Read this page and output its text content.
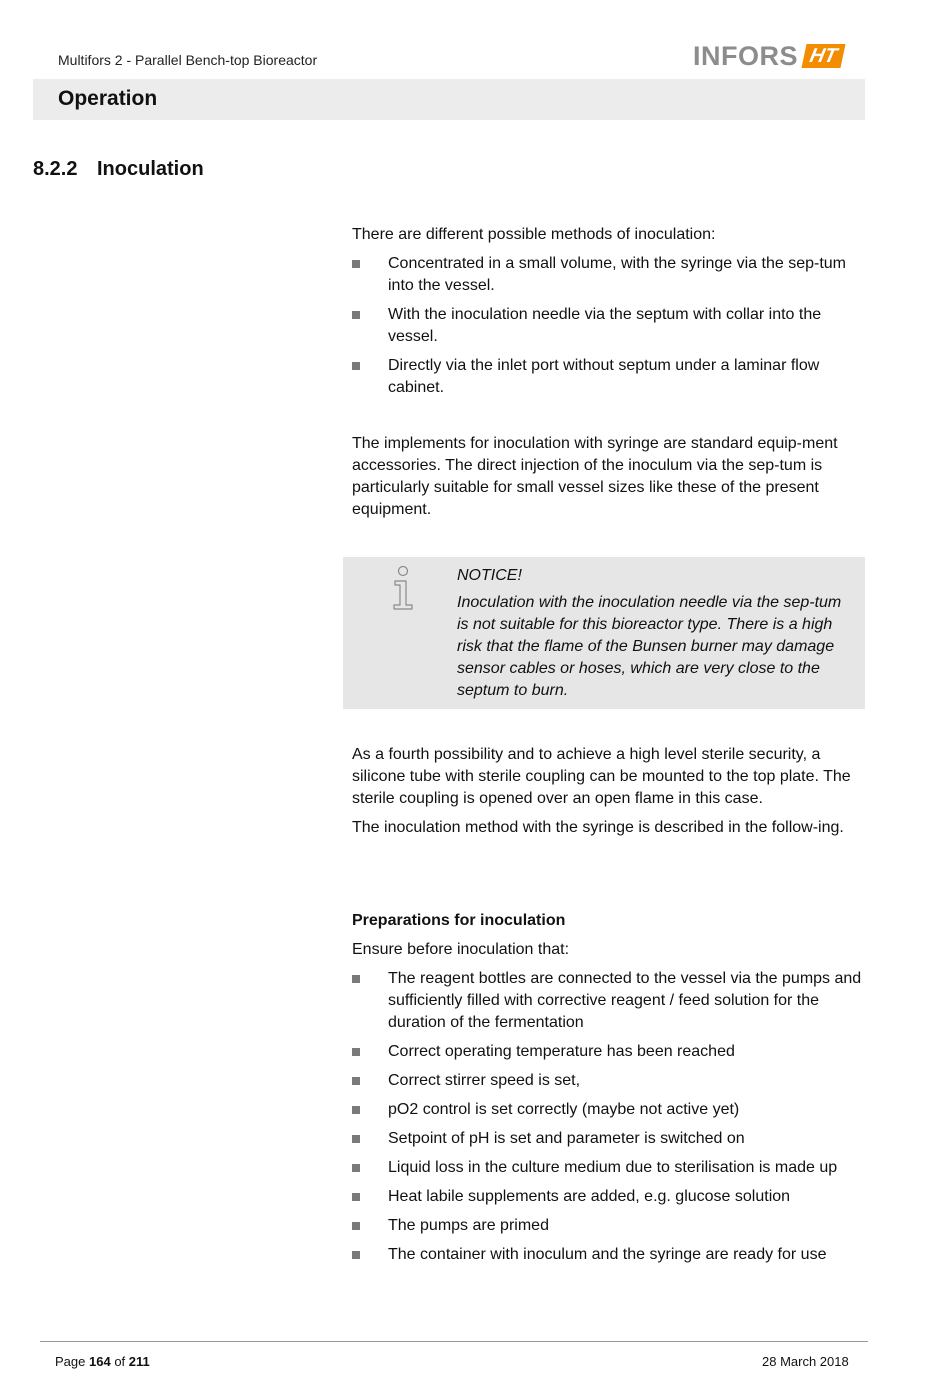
Multifors 2 - Parallel Bench-top Bioreactor	INFORS HT
Operation
8.2.2 Inoculation

There are different possible methods of inoculation:

Concentrated in a small volume, with the syringe via the sep-tum into the vessel.
With the inoculation needle via the septum with collar into the vessel.
Directly via the inlet port without septum under a laminar flow cabinet.

The implements for inoculation with syringe are standard equip-ment accessories. The direct injection of the inoculum via the sep-tum is particularly suitable for small vessel sizes like these of the present equipment.

NOTICE!

Inoculation with the inoculation needle via the sep-tum is not suitable for this bioreactor type. There is a high risk that the flame of the Bunsen burner may damage sensor cables or hoses, which are very close to the septum to burn.

As a fourth possibility and to achieve a high level sterile security, a silicone tube with sterile coupling can be mounted to the top plate. The sterile coupling is opened over an open flame in this case.

The inoculation method with the syringe is described in the follow-ing.

Preparations for inoculation

Ensure before inoculation that:

The reagent bottles are connected to the vessel via the pumps and sufficiently filled with corrective reagent / feed solution for the duration of the fermentation
Correct operating temperature has been reached
Correct stirrer speed is set,
pO2 control is set correctly (maybe not active yet)
Setpoint of pH is set and parameter is switched on
Liquid loss in the culture medium due to sterilisation is made up
Heat labile supplements are added, e.g. glucose solution
The pumps are primed
The container with inoculum and the syringe are ready for use
Page 164 of 211	28 March 2018
